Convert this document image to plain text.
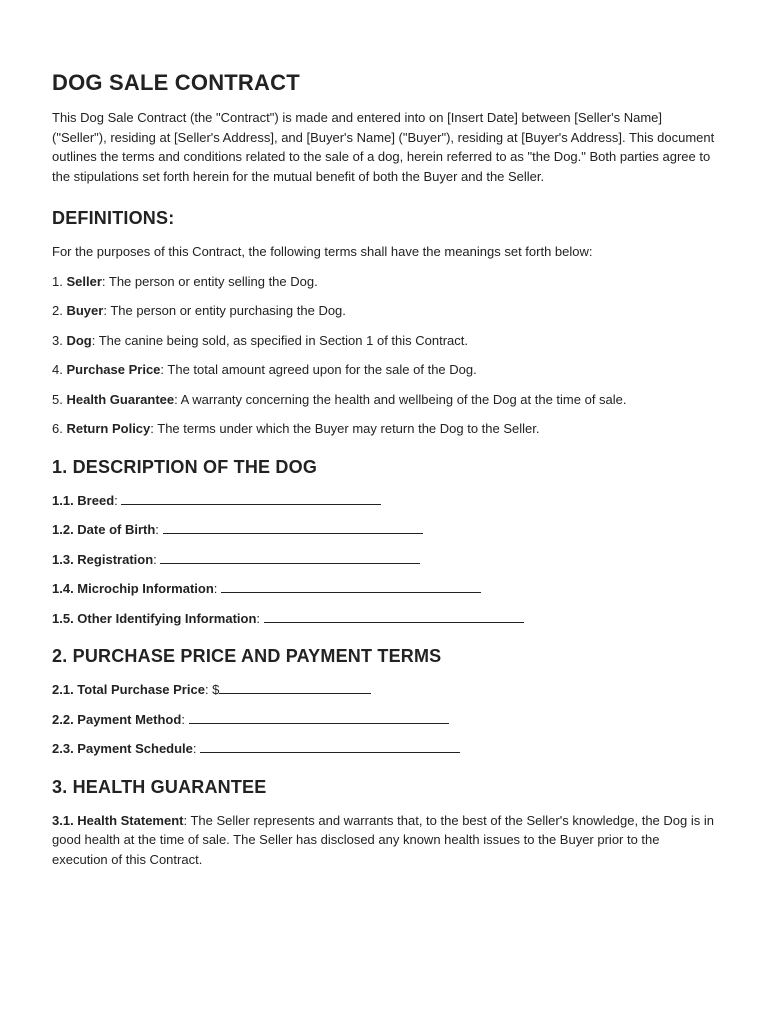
DOG SALE CONTRACT

This Dog Sale Contract (the "Contract") is made and entered into on [Insert Date] between [Seller's Name] ("Seller"), residing at [Seller's Address], and [Buyer's Name] ("Buyer"), residing at [Buyer's Address]. This document outlines the terms and conditions related to the sale of a dog, herein referred to as "the Dog." Both parties agree to the stipulations set forth herein for the mutual benefit of both the Buyer and the Seller.

DEFINITIONS:

For the purposes of this Contract, the following terms shall have the meanings set forth below:

1. Seller: The person or entity selling the Dog.

2. Buyer: The person or entity purchasing the Dog.

3. Dog: The canine being sold, as specified in Section 1 of this Contract.

4. Purchase Price: The total amount agreed upon for the sale of the Dog.

5. Health Guarantee: A warranty concerning the health and wellbeing of the Dog at the time of sale.

6. Return Policy: The terms under which the Buyer may return the Dog to the Seller.

1. DESCRIPTION OF THE DOG

1.1. Breed:

1.2. Date of Birth:

1.3. Registration:

1.4. Microchip Information:

1.5. Other Identifying Information:

2. PURCHASE PRICE AND PAYMENT TERMS

2.1. Total Purchase Price: $

2.2. Payment Method:

2.3. Payment Schedule:

3. HEALTH GUARANTEE

3.1. Health Statement: The Seller represents and warrants that, to the best of the Seller's knowledge, the Dog is in good health at the time of sale. The Seller has disclosed any known health issues to the Buyer prior to the execution of this Contract.
